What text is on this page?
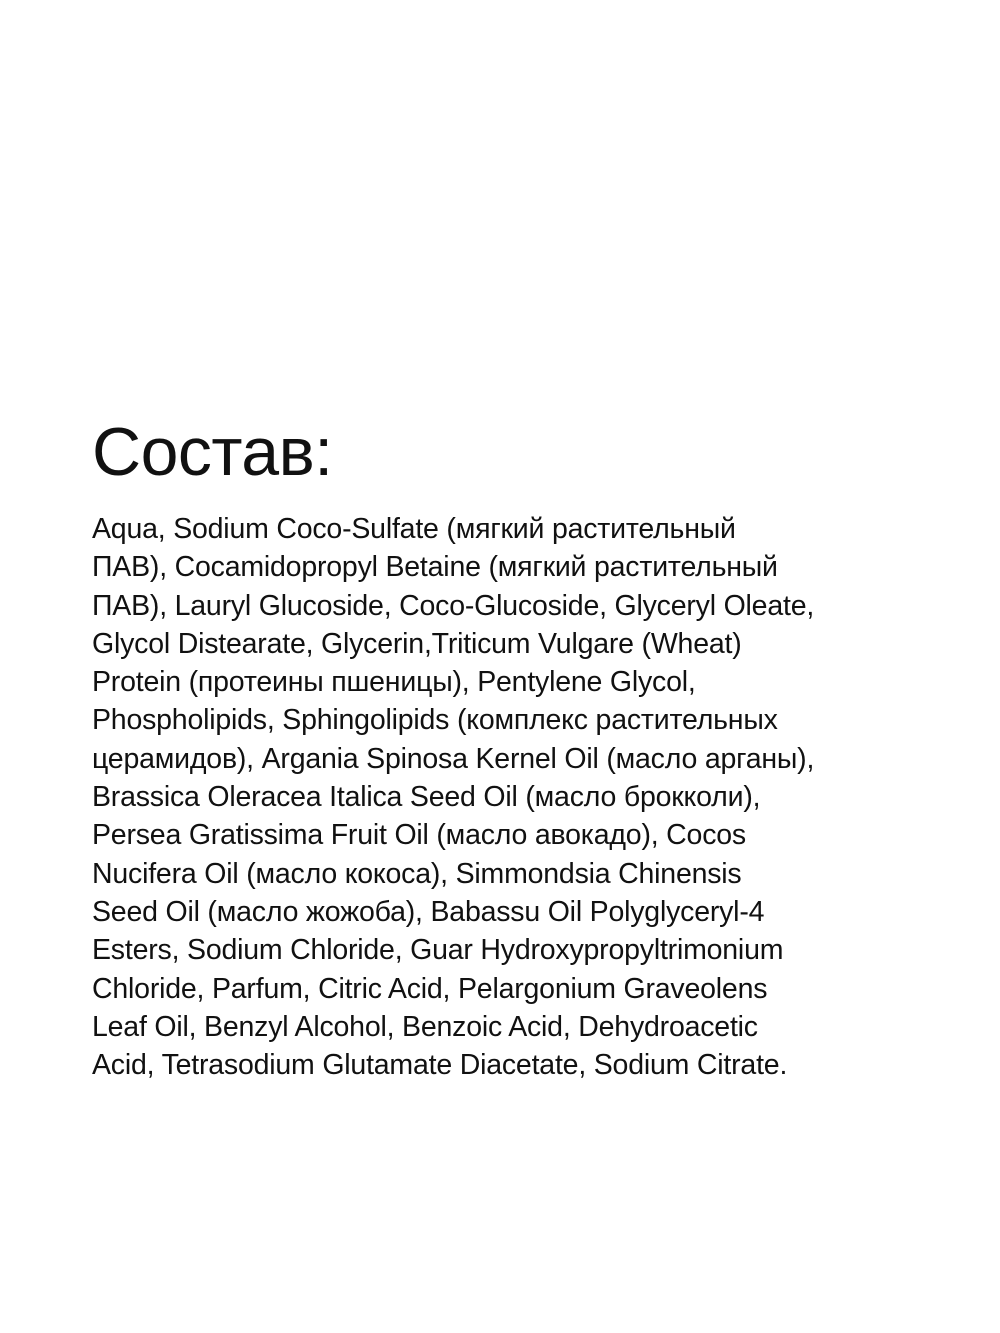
Состав:

Aqua, Sodium Coco-Sulfate (мягкий растительный
ПАВ), Cocamidopropyl Betaine (мягкий растительный
ПАВ), Lauryl Glucoside, Coco-Glucoside, Glyceryl Oleate,
Glycol Distearate, Glycerin,Triticum Vulgare (Wheat)
Protein (протеины пшеницы), Pentylene Glycol,
Phospholipids, Sphingolipids (комплекс растительных
церамидов), Argania Spinosa Kernel Oil (масло арганы),
Brassica Oleracea Italica Seed Oil (масло брокколи),
Persea Gratissima Fruit Oil (масло авокадо), Cocos
Nucifera Oil (масло кокоса), Simmondsia Chinensis
Seed Oil (масло жожоба), Babassu Oil Polyglyceryl-4
Esters, Sodium Chloride, Guar Hydroxypropyltrimonium
Chloride, Parfum, Citric Acid, Pelargonium Graveolens
Leaf Oil, Benzyl Alcohol, Benzoic Acid, Dehydroacetic
Acid, Tetrasodium Glutamate Diacetate, Sodium Citrate.
